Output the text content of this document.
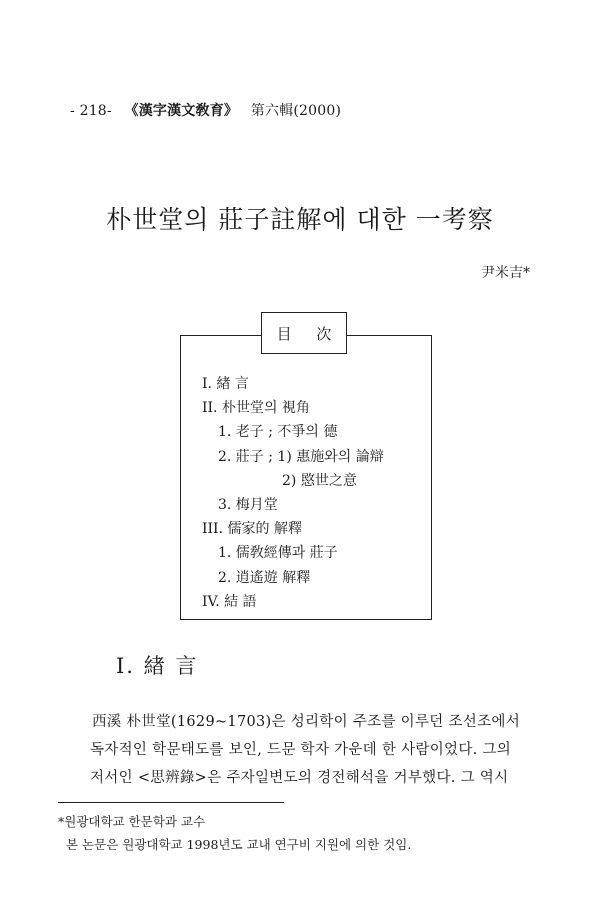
- 218- 《漢字漢文敎育》 第六輯(2000)
朴世堂의 莊子註解에 대한 一考察
尹米吉*
目 次
I. 緖 言
II. 朴世堂의 視角
1. 老子 ; 不爭의 德
2. 莊子 ; 1) 惠施와의 論辯
2) 愍世之意
3. 梅月堂
III. 儒家的 解釋
1. 儒敎經傳과 莊子
2. 逍遙遊 解釋
IV. 結 語
I. 緖 言
西溪 朴世堂(1629~1703)은 성리학이 주조를 이루던 조선조에서
독자적인 학문태도를 보인, 드문 학자 가운데 한 사람이었다. 그의
저서인 <思辨錄>은 주자일변도의 경전해석을 거부했다. 그 역시
*원광대학교 한문학과 교수
본 논문은 원광대학교 1998년도 교내 연구비 지원에 의한 것임.
